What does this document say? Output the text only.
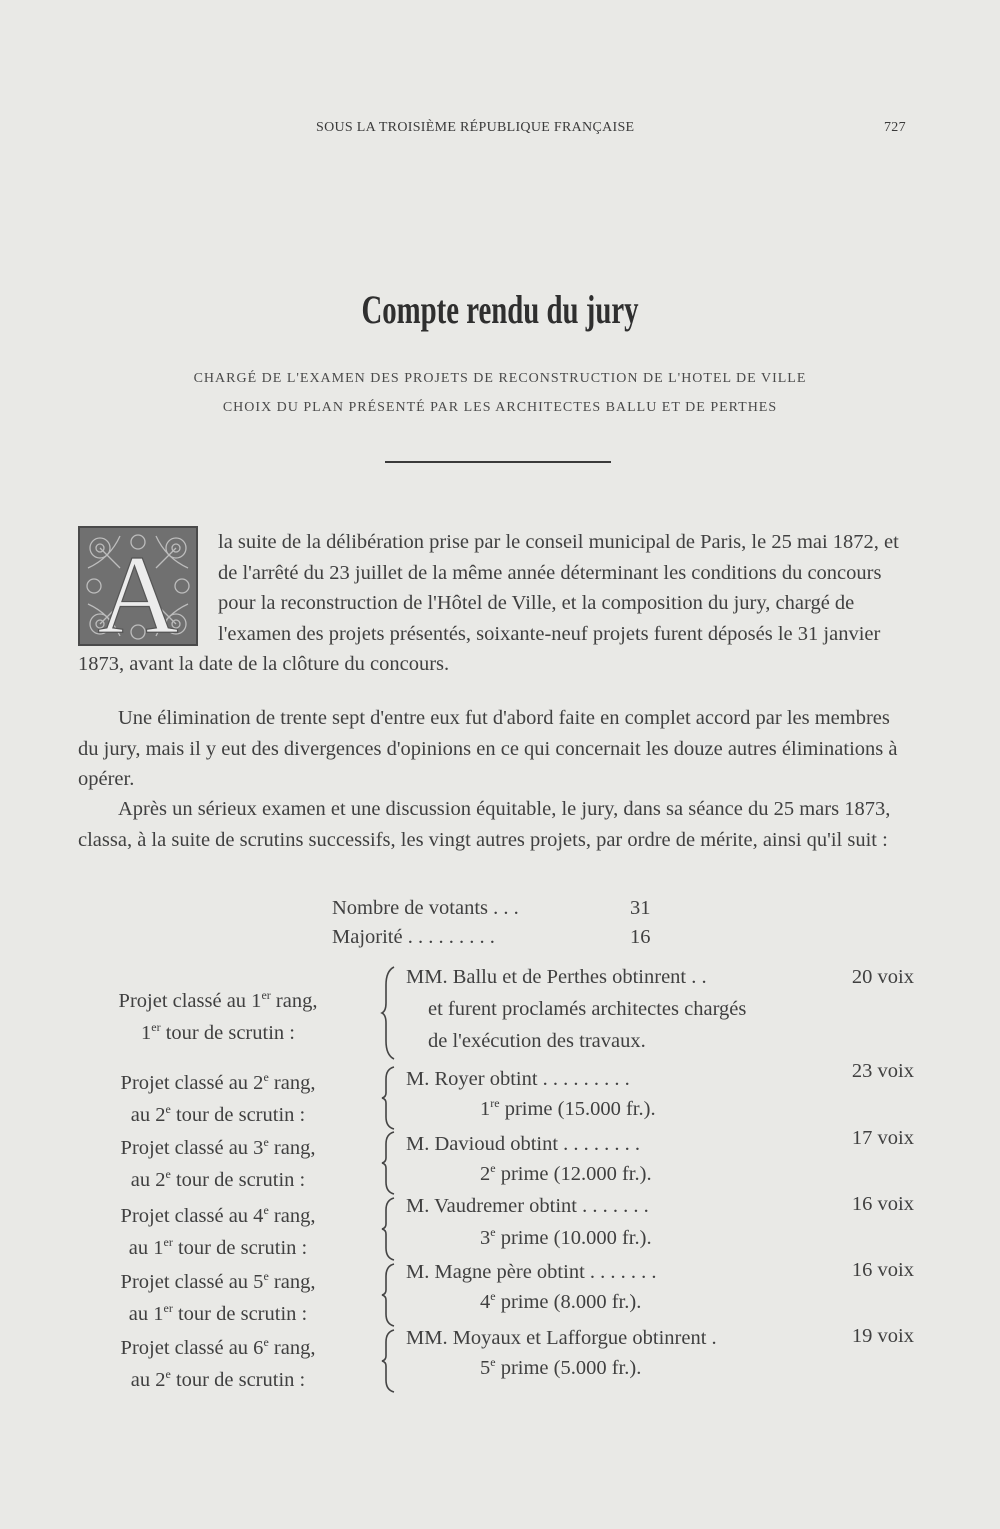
SOUS LA TROISIÈME RÉPUBLIQUE FRANÇAISE	727
Compte rendu du jury
CHARGÉ DE L'EXAMEN DES PROJETS DE RECONSTRUCTION DE L'HOTEL DE VILLE
CHOIX DU PLAN PRÉSENTÉ PAR LES ARCHITECTES BALLU ET DE PERTHES
A	la suite de la délibération prise par le conseil municipal de Paris, le 25 mai 1872, et de l'arrêté du 23 juillet de la même année déterminant les conditions du concours pour la reconstruction de l'Hôtel de Ville, et la composition du jury, chargé de l'examen des projets présentés, soixante-neuf projets furent déposés le 31 janvier 1873, avant la date de la clôture du concours.
Une élimination de trente sept d'entre eux fut d'abord faite en complet accord par les membres du jury, mais il y eut des divergences d'opinions en ce qui concernait les douze autres éliminations à opérer.
Après un sérieux examen et une discussion équitable, le jury, dans sa séance du 25 mars 1873, classa, à la suite de scrutins successifs, les vingt autres projets, par ordre de mérite, ainsi qu'il suit :
Nombre de votants . . .	31
Majorité . . . . . . . . .	16
Projet classé au 1er rang,
1er tour de scrutin :
MM. Ballu et de Perthes obtinrent . .
et furent proclamés architectes chargés
de l'exécution des travaux.
20 voix
Projet classé au 2e rang,
au 2e tour de scrutin :
M. Royer obtint . . . . . . . . .
1re prime (15.000 fr.).
23 voix
Projet classé au 3e rang,
au 2e tour de scrutin :
M. Davioud obtint . . . . . . . .
2e prime (12.000 fr.).
17 voix
Projet classé au 4e rang,
au 1er tour de scrutin :
M. Vaudremer obtint . . . . . . .
3e prime (10.000 fr.).
16 voix
Projet classé au 5e rang,
au 1er tour de scrutin :
M. Magne père obtint . . . . . . .
4e prime (8.000 fr.).
16 voix
Projet classé au 6e rang,
au 2e tour de scrutin :
MM. Moyaux et Lafforgue obtinrent .
5e prime (5.000 fr.).
19 voix
